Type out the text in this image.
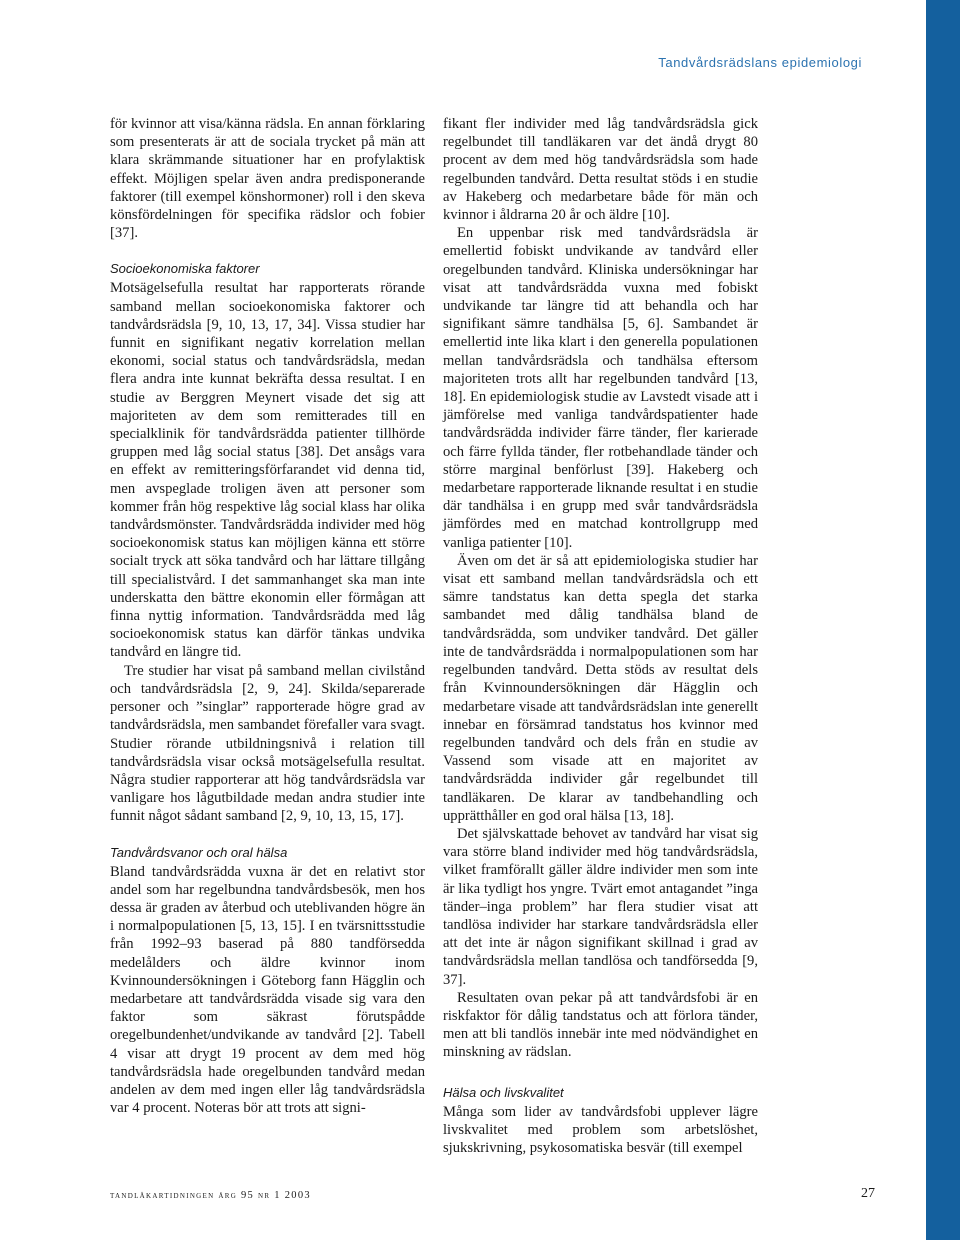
Tandvårdsrädslans epidemiologi

för kvinnor att visa/känna rädsla. En annan förklaring som presenterats är att de sociala trycket på män att klara skrämmande situationer har en profylaktisk effekt. Möjligen spelar även andra predisponerande faktorer (till exempel könshormoner) roll i den skeva könsfördelningen för specifika rädslor och fobier [37].

Socioekonomiska faktorer

Motsägelsefulla resultat har rapporterats rörande samband mellan socioekonomiska faktorer och tandvårdsrädsla [9, 10, 13, 17, 34]. Vissa studier har funnit en signifikant negativ korrelation mellan ekonomi, social status och tandvårdsrädsla, medan flera andra inte kunnat bekräfta dessa resultat. I en studie av Berggren Meynert visade det sig att majoriteten av dem som remitterades till en specialklinik för tandvårdsrädda patienter tillhörde gruppen med låg social status [38]. Det ansågs vara en effekt av remitteringsförfarandet vid denna tid, men avspeglade troligen även att personer som kommer från hög respektive låg social klass har olika tandvårdsmönster. Tandvårdsrädda individer med hög socioekonomisk status kan möjligen känna ett större socialt tryck att söka tandvård och har lättare tillgång till specialistvård. I det sammanhanget ska man inte underskatta den bättre ekonomin eller förmågan att finna nyttig information. Tandvårdsrädda med låg socioekonomisk status kan därför tänkas undvika tandvård en längre tid.

Tre studier har visat på samband mellan civilstånd och tandvårdsrädsla [2, 9, 24]. Skilda/separerade personer och ”singlar” rapporterade högre grad av tandvårdsrädsla, men sambandet förefaller vara svagt. Studier rörande utbildningsnivå i relation till tandvårdsrädsla visar också motsägelsefulla resultat. Några studier rapporterar att hög tandvårdsrädsla var vanligare hos lågutbildade medan andra studier inte funnit något sådant samband [2, 9, 10, 13, 15, 17].

Tandvårdsvanor och oral hälsa

Bland tandvårdsrädda vuxna är det en relativt stor andel som har regelbundna tandvårdsbesök, men hos dessa är graden av återbud och uteblivanden högre än i normalpopulationen [5, 13, 15]. I en tvärsnittsstudie från 1992–93 baserad på 880 tandförsedda medelålders och äldre kvinnor inom Kvinnoundersökningen i Göteborg fann Hägglin och medarbetare att tandvårdsrädda visade sig vara den faktor som säkrast förutspådde oregelbundenhet/undvikande av tandvård [2]. Tabell 4 visar att drygt 19 procent av dem med hög tandvårdsrädsla hade oregelbunden tandvård medan andelen av dem med ingen eller låg tandvårdsrädsla var 4 procent. Noteras bör att trots att signi-

fikant fler individer med låg tandvårdsrädsla gick regelbundet till tandläkaren var det ändå drygt 80 procent av dem med hög tandvårdsrädsla som hade regelbunden tandvård. Detta resultat stöds i en studie av Hakeberg och medarbetare både för män och kvinnor i åldrarna 20 år och äldre [10].

En uppenbar risk med tandvårdsrädsla är emellertid fobiskt undvikande av tandvård eller oregelbunden tandvård. Kliniska undersökningar har visat att tandvårdsrädda vuxna med fobiskt undvikande tar längre tid att behandla och har signifikant sämre tandhälsa [5, 6]. Sambandet är emellertid inte lika klart i den generella populationen mellan tandvårdsrädsla och tandhälsa eftersom majoriteten trots allt har regelbunden tandvård [13, 18]. En epidemiologisk studie av Lavstedt visade att i jämförelse med vanliga tandvårdspatienter hade tandvårdsrädda individer färre tänder, fler karierade och färre fyllda tänder, fler rotbehandlade tänder och större marginal benförlust [39]. Hakeberg och medarbetare rapporterade liknande resultat i en studie där tandhälsa i en grupp med svår tandvårdsrädsla jämfördes med en matchad kontrollgrupp med vanliga patienter [10].

Även om det är så att epidemiologiska studier har visat ett samband mellan tandvårdsrädsla och ett sämre tandstatus kan detta spegla det starka sambandet med dålig tandhälsa bland de tandvårdsrädda, som undviker tandvård. Det gäller inte de tandvårdsrädda i normalpopulationen som har regelbunden tandvård. Detta stöds av resultat dels från Kvinnoundersökningen där Hägglin och medarbetare visade att tandvårdsrädslan inte generellt innebar en försämrad tandstatus hos kvinnor med regelbunden tandvård och dels från en studie av Vassend som visade att en majoritet av tandvårdsrädda individer går regelbundet till tandläkaren. De klarar av tandbehandling och upprätthåller en god oral hälsa [13, 18].

Det självskattade behovet av tandvård har visat sig vara större bland individer med hög tandvårdsrädsla, vilket framförallt gäller äldre individer men som inte är lika tydligt hos yngre. Tvärt emot antagandet ”inga tänder–inga problem” har flera studier visat att tandlösa individer har starkare tandvårdsrädsla eller att det inte är någon signifikant skillnad i grad av tandvårdsrädsla mellan tandlösa och tandförsedda [9, 37].

Resultaten ovan pekar på att tandvårdsfobi är en riskfaktor för dålig tandstatus och att förlora tänder, men att bli tandlös innebär inte med nödvändighet en minskning av rädslan.

Hälsa och livskvalitet

Många som lider av tandvårdsfobi upplever lägre livskvalitet med problem som arbetslöshet, sjukskrivning, psykosomatiska besvär (till exempel

tandläkartidningen årg 95 nr 1 2003	27
